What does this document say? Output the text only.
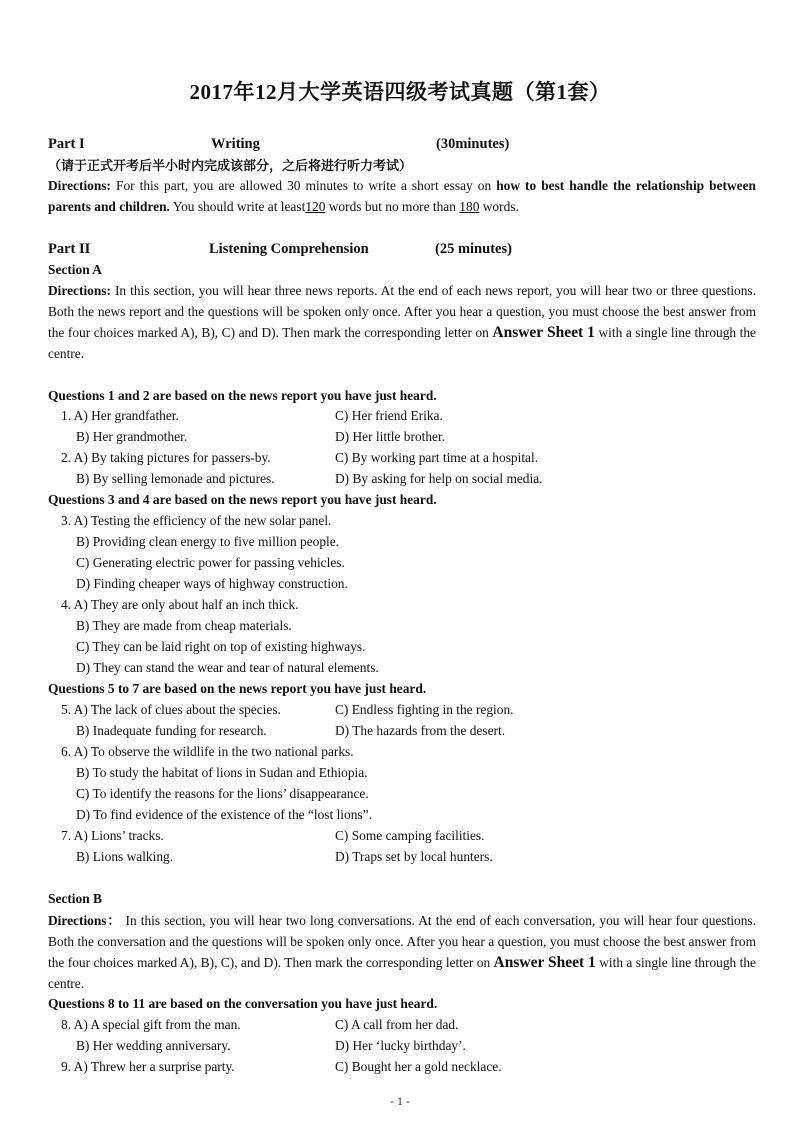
2017年12月大学英语四级考试真题（第1套）
Part I	Writing	(30minutes)
（请于正式开考后半小时内完成该部分，之后将进行听力考试）
Directions: For this part, you are allowed 30 minutes to write a short essay on how to best handle the relationship between parents and children. You should write at least120 words but no more than 180 words.
Part II	Listening Comprehension	(25 minutes)
Section A
Directions: In this section, you will hear three news reports. At the end of each news report, you will hear two or three questions. Both the news report and the questions will be spoken only once. After you hear a question, you must choose the best answer from the four choices marked A), B), C) and D). Then mark the corresponding letter on Answer Sheet 1 with a single line through the centre.
Questions 1 and 2 are based on the news report you have just heard.
1. A) Her grandfather.	C) Her friend Erika.
B) Her grandmother.	D) Her little brother.
2. A) By taking pictures for passers-by.	C) By working part time at a hospital.
B) By selling lemonade and pictures.	D) By asking for help on social media.
Questions 3 and 4 are based on the news report you have just heard.
3. A) Testing the efficiency of the new solar panel.
B) Providing clean energy to five million people.
C) Generating electric power for passing vehicles.
D) Finding cheaper ways of highway construction.
4. A) They are only about half an inch thick.
B) They are made from cheap materials.
C) They can be laid right on top of existing highways.
D) They can stand the wear and tear of natural elements.
Questions 5 to 7 are based on the news report you have just heard.
5. A) The lack of clues about the species.	C) Endless fighting in the region.
B) Inadequate funding for research.	D) The hazards from the desert.
6. A) To observe the wildlife in the two national parks.
B) To study the habitat of lions in Sudan and Ethiopia.
C) To identify the reasons for the lions’ disappearance.
D) To find evidence of the existence of the “lost lions”.
7. A) Lions’ tracks.	C) Some camping facilities.
B) Lions walking.	D) Traps set by local hunters.
Section B
Directions： In this section, you will hear two long conversations. At the end of each conversation, you will hear four questions. Both the conversation and the questions will be spoken only once. After you hear a question, you must choose the best answer from the four choices marked A), B), C), and D). Then mark the corresponding letter on Answer Sheet 1 with a single line through the centre.
Questions 8 to 11 are based on the conversation you have just heard.
8. A) A special gift from the man.	C) A call from her dad.
B) Her wedding anniversary.	D) Her ‘lucky birthday’.
9. A) Threw her a surprise party.	C) Bought her a gold necklace.
- 1 -
